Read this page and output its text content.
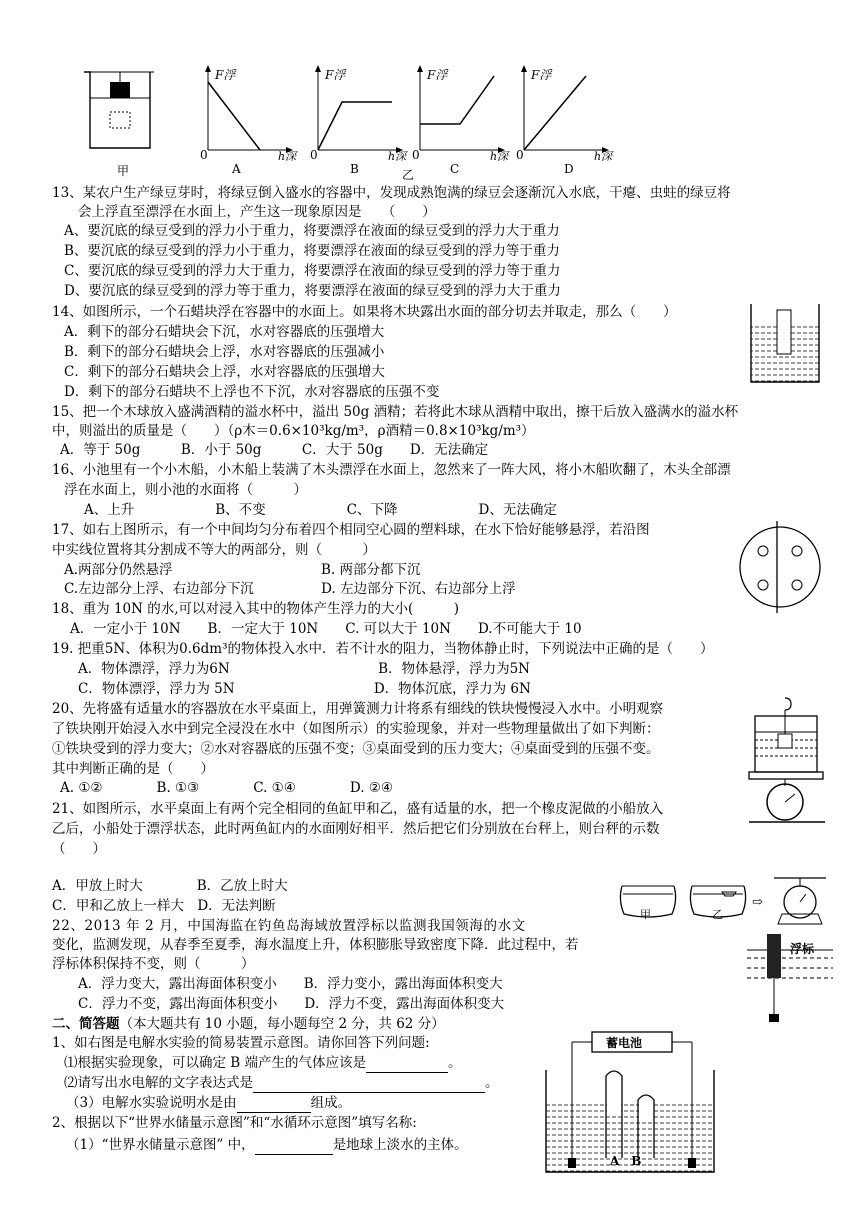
甲
F浮
h深
0
A
F浮
h深
0
B	乙
F浮
h深
0
C
F浮
h深
0
D
13、某农户生产绿豆芽时，将绿豆倒入盛水的容器中，发现成熟饱满的绿豆会逐渐沉入水底，干瘪、虫蛀的绿豆将
会上浮直至漂浮在水面上，产生这一现象原因是　　（　　）
A、要沉底的绿豆受到的浮力小于重力，将要漂浮在液面的绿豆受到的浮力大于重力
B、要沉底的绿豆受到的浮力小于重力，将要漂浮在液面的绿豆受到的浮力等于重力
C、要沉底的绿豆受到的浮力大于重力，将要漂浮在液面的绿豆受到的浮力等于重力
D、要沉底的绿豆受到的浮力等于重力，将要漂浮在液面的绿豆受到的浮力大于重力
14、如图所示，一个石蜡块浮在容器中的水面上。如果将木块露出水面的部分切去并取走，那么（　　）
A．剩下的部分石蜡块会下沉，水对容器底的压强增大
B．剩下的部分石蜡块会上浮，水对容器底的压强减小
C．剩下的部分石蜡块会上浮，水对容器底的压强增大
D．剩下的部分石蜡块不上浮也不下沉，水对容器底的压强不变
15、把一个木球放入盛满酒精的溢水杯中，溢出 50g 酒精；若将此木球从酒精中取出，擦干后放入盛满水的溢水杯
中，则溢出的质量是（　　）（ρ木＝0.6×10³kg/m³，ρ酒精＝0.8×10³kg/m³）
A．等于 50g　　　B．小于 50g　　　C．大于 50g　　D．无法确定
16、小池里有一个小木船，小木船上装满了木头漂浮在水面上，忽然来了一阵大风，将小木船吹翻了，木头全部漂
浮在水面上，则小池的水面将（　　　）
A、上升　　　　　　B、不变　　　　　　C、下降　　　　　　D、无法确定
17、如右上图所示，有一个中间均匀分布着四个相同空心圆的塑料球，在水下恰好能够悬浮，若沿图
中实线位置将其分割成不等大的两部分，则（　　　）
A.两部分仍然悬浮　　　　　　　　　　　B. 两部分都下沉
C.左边部分上浮、右边部分下沉　　　　　D. 左边部分下沉、右边部分上浮
18、重为 10N 的水,可以对浸入其中的物体产生浮力的大小(　　　)
A．一定小于 10N　　B．一定大于 10N　　C. 可以大于 10N　　D.不可能大于 10
19. 把重5N、体积为0.6dm³的物体投入水中．若不计水的阻力，当物体静止时，下列说法中正确的是（　　）
A．物体漂浮，浮力为6N　　　　　　　　　　　B．物体悬浮，浮力为5N
C．物体漂浮，浮力为 5N　　　　　　　　　　 D．物体沉底，浮力为 6N
20、先将盛有适量水的容器放在水平桌面上，用弹簧测力计将系有细线的铁块慢慢浸入水中。小明观察
了铁块刚开始浸入水中到完全浸没在水中（如图所示）的实验现象，并对一些物理量做出了如下判断：
①铁块受到的浮力变大；②水对容器底的压强不变；③桌面受到的压力变大；④桌面受到的压强不变。
其中判断正确的是（　　）
A. ①②　　　　B. ①③　　　　C. ①④　　　　D. ②④
21、如图所示，水平桌面上有两个完全相同的鱼缸甲和乙，盛有适量的水，把一个橡皮泥做的小船放入
乙后，小船处于漂浮状态，此时两鱼缸内的水面刚好相平．然后把它们分别放在台秤上，则台秤的示数
（　　）
A．甲放上时大　　　　B．乙放上时大
C．甲和乙放上一样大　D．无法判断
甲	乙
⇨
浮标
22、2013 年 2 月，中国海监在钓鱼岛海域放置浮标以监测我国领海的水文
变化，监测发现，从春季至夏季，海水温度上升，体积膨胀导致密度下降．此过程中，若
浮标体积保持不变，则（　　　）
A．浮力变大，露出海面体积变小　　B．浮力变小，露出海面体积变大
C．浮力不变，露出海面体积变小　　D．浮力不变，露出海面体积变大
二、简答题（本大题共有 10 小题，每小题每空 2 分，共 62 分）
1、如右图是电解水实验的简易装置示意图。请你回答下列问题:
⑴根据实验现象，可以确定 B 端产生的气体应该是	。
⑵请写出水电解的文字表达式是	。
（3）电解水实验说明水是由	组成。
2、根据以下“世界水储量示意图”和“水循环示意图”填写名称:
（1）“世界水储量示意图” 中，	是地球上淡水的主体。
蓄电池
A　B
